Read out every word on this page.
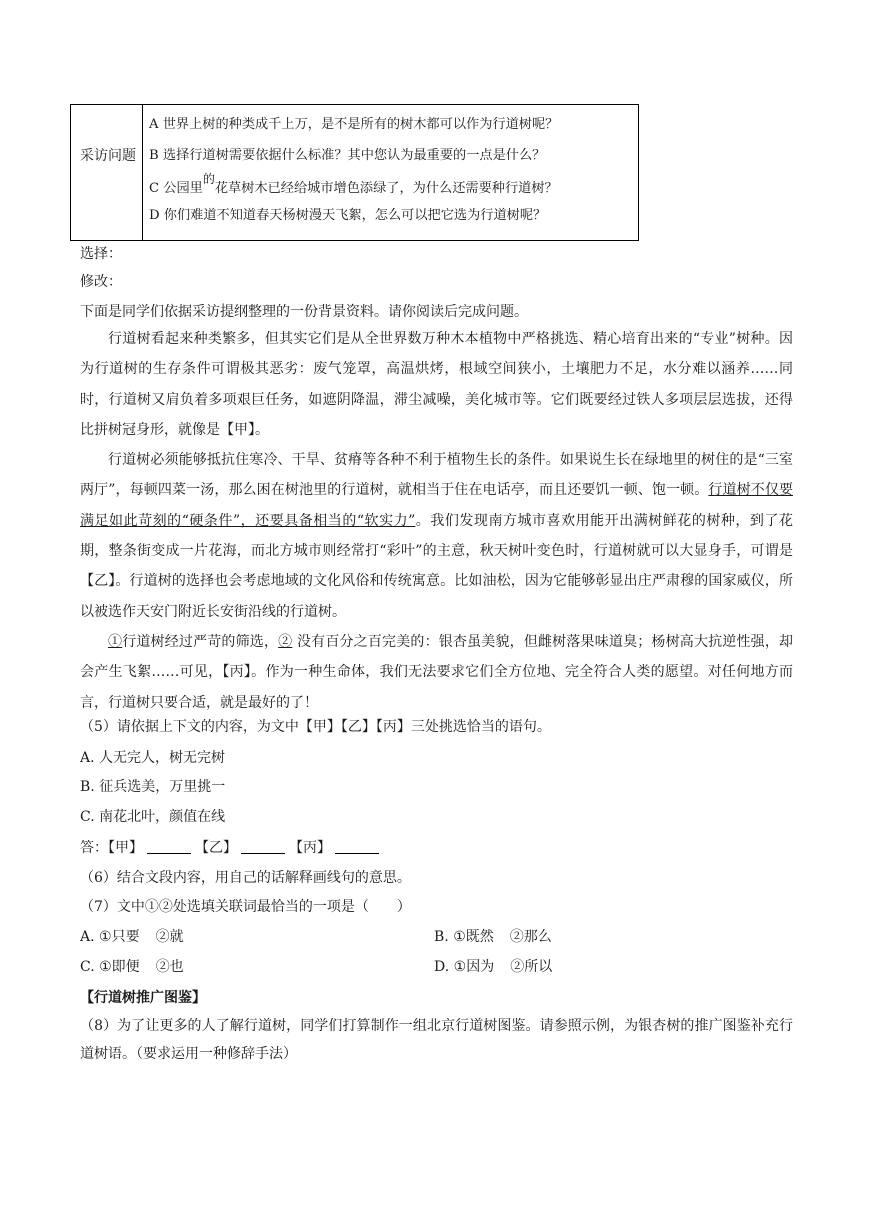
采访问题
A 世界上树的种类成千上万，是不是所有的树木都可以作为行道树呢？
B 选择行道树需要依据什么标准？其中您认为最重要的一点是什么？
C 公园里的花草树木已经给城市增色添绿了，为什么还需要种行道树？
D 你们难道不知道春天杨树漫天飞絮，怎么可以把它选为行道树呢？
选择：
修改：
下面是同学们依据采访提纲整理的一份背景资料。请你阅读后完成问题。

行道树看起来种类繁多，但其实它们是从全世界数万种木本植物中严格挑选、精心培育出来的“专业”树种。因为行道树的生存条件可谓极其恶劣：废气笼罩，高温烘烤，根域空间狭小，土壤肥力不足，水分难以涵养……同时，行道树又肩负着多项艰巨任务，如遮阴降温，滞尘减噪，美化城市等。它们既要经过铁人多项层层选拔，还得比拼树冠身形，就像是【甲】。

行道树必须能够抵抗住寒冷、干旱、贫瘠等各种不利于植物生长的条件。如果说生长在绿地里的树住的是“三室两厅”，每顿四菜一汤，那么困在树池里的行道树，就相当于住在电话亭，而且还要饥一顿、饱一顿。行道树不仅要满足如此苛刻的“硬条件”，还要具备相当的“软实力”。我们发现南方城市喜欢用能开出满树鲜花的树种，到了花期，整条街变成一片花海，而北方城市则经常打“彩叶”的主意，秋天树叶变色时，行道树就可以大显身手，可谓是【乙】。行道树的选择也会考虑地域的文化风俗和传统寓意。比如油松，因为它能够彰显出庄严肃穆的国家威仪，所以被选作天安门附近长安街沿线的行道树。

①行道树经过严苛的筛选，② 没有百分之百完美的：银杏虽美貌，但雌树落果味道臭；杨树高大抗逆性强，却会产生飞絮……可见，【丙】。作为一种生命体，我们无法要求它们全方位地、完全符合人类的愿望。对任何地方而言，行道树只要合适，就是最好的了！

（5）请依据上下文的内容，为文中【甲】【乙】【丙】三处挑选恰当的语句。
A. 人无完人，树无完树
B. 征兵选美，万里挑一
C. 南花北叶，颜值在线
答：【甲】	【乙】	【丙】
（6）结合文段内容，用自己的话解释画线句的意思。
（7）文中①②处选填关联词最恰当的一项是（　　）
A. ①只要 ②就	B. ①既然 ②那么
C. ①即便 ②也	D. ①因为 ②所以
【行道树推广图鉴】
（8）为了让更多的人了解行道树，同学们打算制作一组北京行道树图鉴。请参照示例，为银杏树的推广图鉴补充行道树语。（要求运用一种修辞手法）
